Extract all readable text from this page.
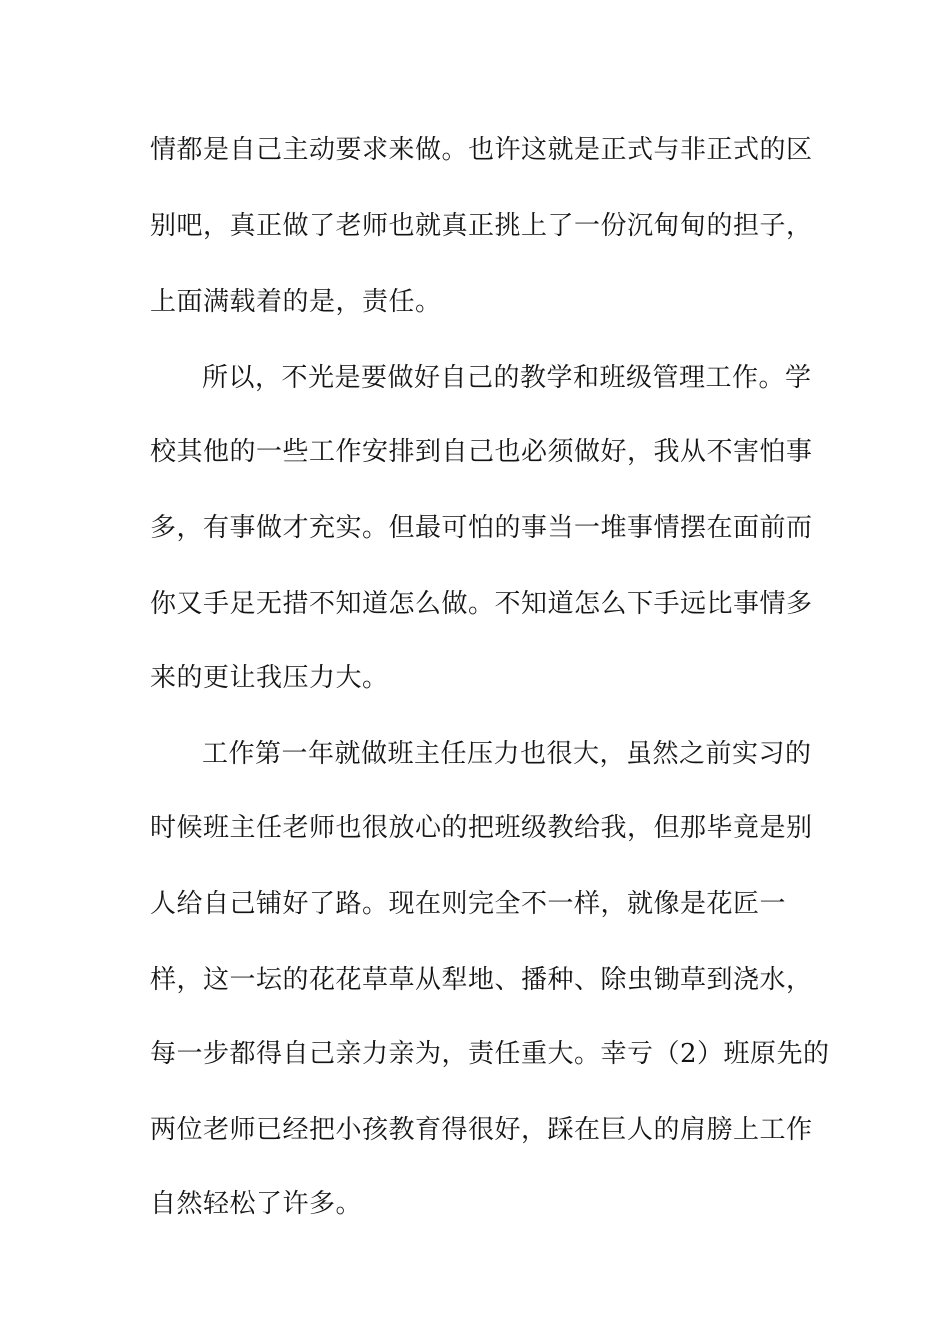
情都是自己主动要求来做。也许这就是正式与非正式的区
别吧，真正做了老师也就真正挑上了一份沉甸甸的担子，
上面满载着的是，责任。
所以，不光是要做好自己的教学和班级管理工作。学
校其他的一些工作安排到自己也必须做好，我从不害怕事
多，有事做才充实。但最可怕的事当一堆事情摆在面前而
你又手足无措不知道怎么做。不知道怎么下手远比事情多
来的更让我压力大。
工作第一年就做班主任压力也很大，虽然之前实习的
时候班主任老师也很放心的把班级教给我，但那毕竟是别
人给自己铺好了路。现在则完全不一样，就像是花匠一
样，这一坛的花花草草从犁地、播种、除虫锄草到浇水，
每一步都得自己亲力亲为，责任重大。幸亏（2）班原先的
两位老师已经把小孩教育得很好，踩在巨人的肩膀上工作
自然轻松了许多。
